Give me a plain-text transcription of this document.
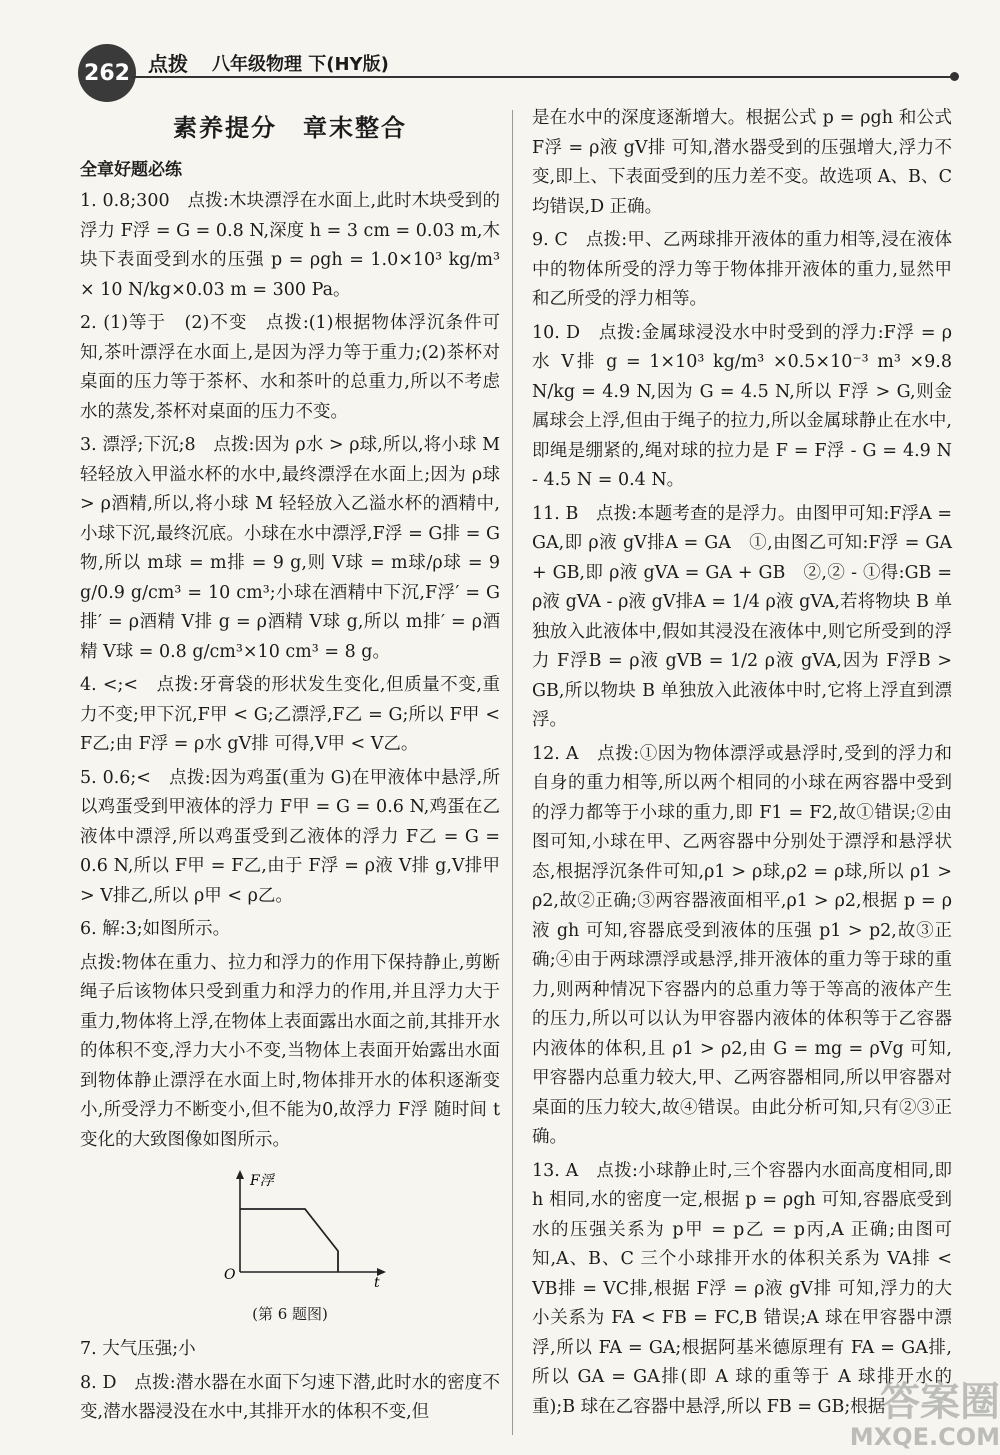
262 点拨 八年级物理 下(HY版)
素养提分　章末整合
全章好题必练

1. 0.8;300　点拨:木块漂浮在水面上,此时木块受到的浮力 F浮 = G = 0.8 N,深度 h = 3 cm = 0.03 m,木块下表面受到水的压强 p = ρgh = 1.0×10³ kg/m³ × 10 N/kg×0.03 m = 300 Pa。

2. (1)等于　(2)不变　点拨:(1)根据物体浮沉条件可知,茶叶漂浮在水面上,是因为浮力等于重力;(2)茶杯对桌面的压力等于茶杯、水和茶叶的总重力,所以不考虑水的蒸发,茶杯对桌面的压力不变。

3. 漂浮;下沉;8　点拨:因为 ρ水 > ρ球,所以,将小球 M 轻轻放入甲溢水杯的水中,最终漂浮在水面上;因为 ρ球 > ρ酒精,所以,将小球 M 轻轻放入乙溢水杯的酒精中,小球下沉,最终沉底。小球在水中漂浮,F浮 = G排 = G物,所以 m球 = m排 = 9 g,则 V球 = m球/ρ球 = 9 g/0.9 g/cm³ = 10 cm³;小球在酒精中下沉,F浮′ = G排′ = ρ酒精 V排 g = ρ酒精 V球 g,所以 m排′ = ρ酒精 V球 = 0.8 g/cm³×10 cm³ = 8 g。

4. <;<　点拨:牙膏袋的形状发生变化,但质量不变,重力不变;甲下沉,F甲 < G;乙漂浮,F乙 = G;所以 F甲 < F乙;由 F浮 = ρ水 gV排 可得,V甲 < V乙。

5. 0.6;<　点拨:因为鸡蛋(重为 G)在甲液体中悬浮,所以鸡蛋受到甲液体的浮力 F甲 = G = 0.6 N,鸡蛋在乙液体中漂浮,所以鸡蛋受到乙液体的浮力 F乙 = G = 0.6 N,所以 F甲 = F乙,由于 F浮 = ρ液 V排 g,V排甲 > V排乙,所以 ρ甲 < ρ乙。

6. 解:3;如图所示。

点拨:物体在重力、拉力和浮力的作用下保持静止,剪断绳子后该物体只受到重力和浮力的作用,并且浮力大于重力,物体将上浮,在物体上表面露出水面之前,其排开水的体积不变,浮力大小不变,当物体上表面开始露出水面到物体静止漂浮在水面上时,物体排开水的体积逐渐变小,所受浮力不断变小,但不能为0,故浮力 F浮 随时间 t 变化的大致图像如图所示。

F浮
t
O
(第 6 题图)

7. 大气压强;小

8. D　点拨:潜水器在水面下匀速下潜,此时水的密度不变,潜水器浸没在水中,其排开水的体积不变,但

是在水中的深度逐渐增大。根据公式 p = ρgh 和公式 F浮 = ρ液 gV排 可知,潜水器受到的压强增大,浮力不变,即上、下表面受到的压力差不变。故选项 A、B、C 均错误,D 正确。

9. C　点拨:甲、乙两球排开液体的重力相等,浸在液体中的物体所受的浮力等于物体排开液体的重力,显然甲和乙所受的浮力相等。

10. D　点拨:金属球浸没水中时受到的浮力:F浮 = ρ水 V排 g = 1×10³ kg/m³ ×0.5×10⁻³ m³ ×9.8 N/kg = 4.9 N,因为 G = 4.5 N,所以 F浮 > G,则金属球会上浮,但由于绳子的拉力,所以金属球静止在水中,即绳是绷紧的,绳对球的拉力是 F = F浮 - G = 4.9 N - 4.5 N = 0.4 N。

11. B　点拨:本题考查的是浮力。由图甲可知:F浮A = GA,即 ρ液 gV排A = GA　①,由图乙可知:F浮 = GA + GB,即 ρ液 gVA = GA + GB　②,② - ①得:GB = ρ液 gVA - ρ液 gV排A = 1/4 ρ液 gVA,若将物块 B 单独放入此液体中,假如其浸没在液体中,则它所受到的浮力 F浮B = ρ液 gVB = 1/2 ρ液 gVA,因为 F浮B > GB,所以物块 B 单独放入此液体中时,它将上浮直到漂浮。

12. A　点拨:①因为物体漂浮或悬浮时,受到的浮力和自身的重力相等,所以两个相同的小球在两容器中受到的浮力都等于小球的重力,即 F1 = F2,故①错误;②由图可知,小球在甲、乙两容器中分别处于漂浮和悬浮状态,根据浮沉条件可知,ρ1 > ρ球,ρ2 = ρ球,所以 ρ1 > ρ2,故②正确;③两容器液面相平,ρ1 > ρ2,根据 p = ρ液 gh 可知,容器底受到液体的压强 p1 > p2,故③正确;④由于两球漂浮或悬浮,排开液体的重力等于球的重力,则两种情况下容器内的总重力等于等高的液体产生的压力,所以可以认为甲容器内液体的体积等于乙容器内液体的体积,且 ρ1 > ρ2,由 G = mg = ρVg 可知,甲容器内总重力较大,甲、乙两容器相同,所以甲容器对桌面的压力较大,故④错误。由此分析可知,只有②③正确。

13. A　点拨:小球静止时,三个容器内水面高度相同,即 h 相同,水的密度一定,根据 p = ρgh 可知,容器底受到水的压强关系为 p甲 = p乙 = p丙,A 正确;由图可知,A、B、C 三个小球排开水的体积关系为 VA排 < VB排 = VC排,根据 F浮 = ρ液 gV排 可知,浮力的大小关系为 FA < FB = FC,B 错误;A 球在甲容器中漂浮,所以 FA = GA;根据阿基米德原理有 FA = GA排,所以 GA = GA排(即 A 球的重等于 A 球排开水的重);B 球在乙容器中悬浮,所以 FB = GB;根据

答案圈
MXQE.COM
